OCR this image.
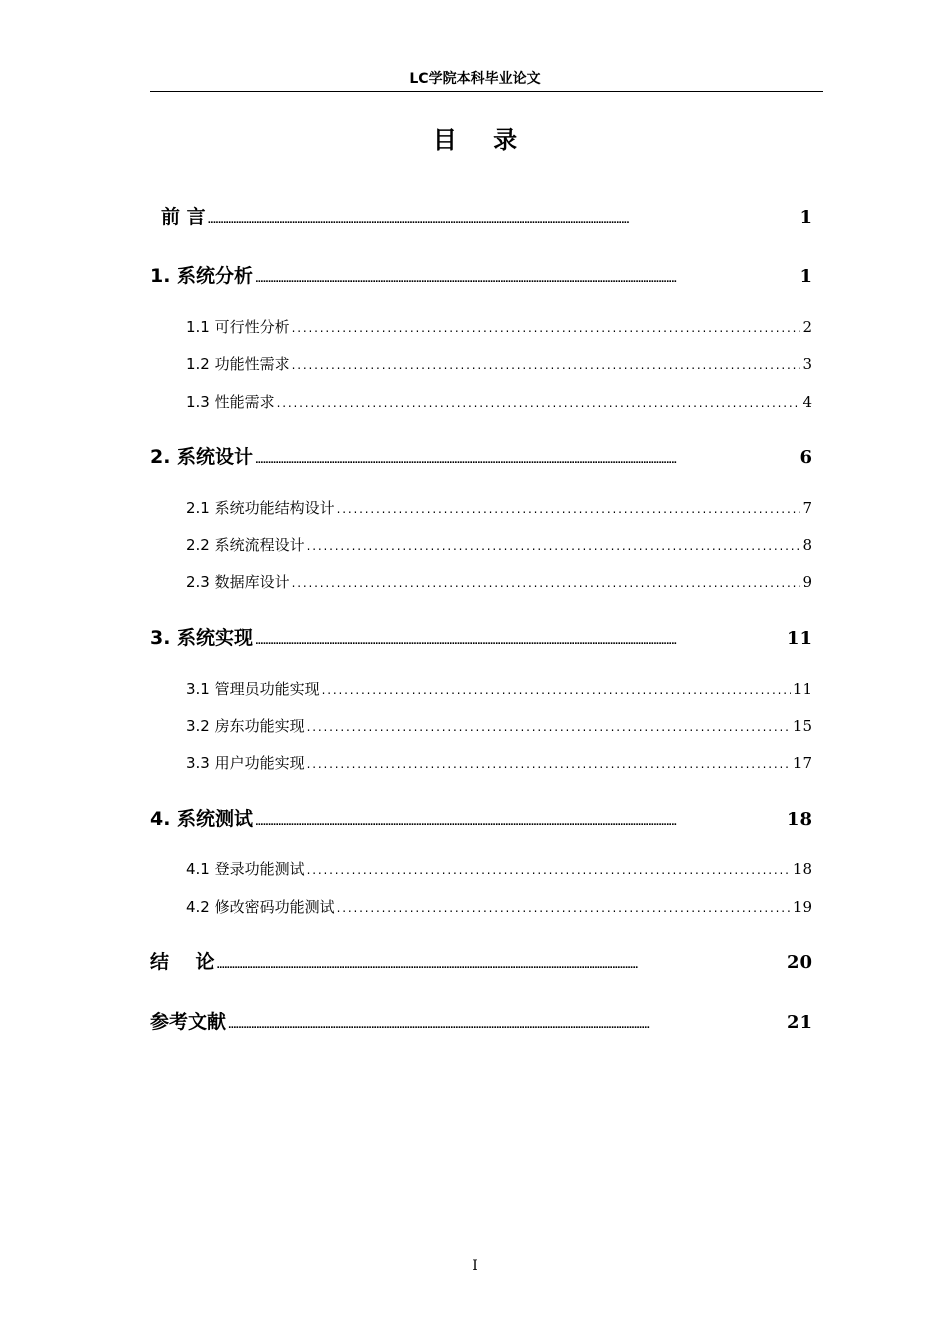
LC学院本科毕业论文
目 录
前 言 . . .	1
1. 系统分析 . . .	1
1.1 可行性分析 . . .	2
1.2 功能性需求 . . .	3
1.3 性能需求 . . .	4
2. 系统设计 . . .	6
2.1 系统功能结构设计 . . .	7
2.2 系统流程设计 . . .	8
2.3 数据库设计 . . .	9
3. 系统实现 . . .	11
3.1 管理员功能实现 . . .	11
3.2 房东功能实现 . . .	15
3.3 用户功能实现 . . .	17
4. 系统测试 . . .	18
4.1 登录功能测试 . . .	18
4.2 修改密码功能测试 . . .	19
结    论 . . .	20
参考文献 . . .	21
I
